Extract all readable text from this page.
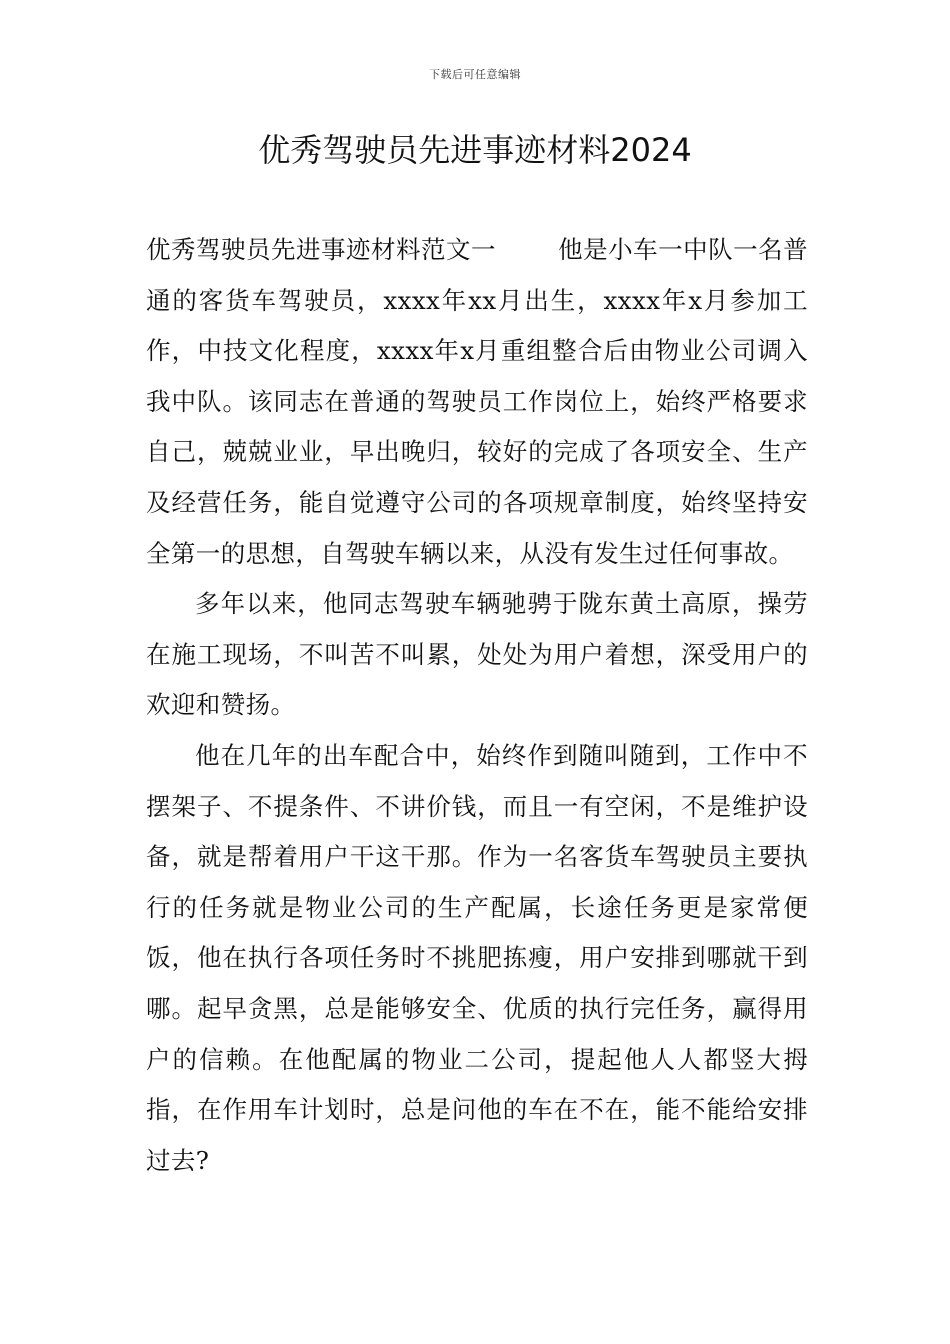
下载后可任意编辑
优秀驾驶员先进事迹材料2024

优秀驾驶员先进事迹材料范文一	他是小车一中队一名普通的客货车驾驶员，xxxx年xx月出生，xxxx年x月参加工作，中技文化程度，xxxx年x月重组整合后由物业公司调入我中队。该同志在普通的驾驶员工作岗位上，始终严格要求自己，兢兢业业，早出晚归，较好的完成了各项安全、生产及经营任务，能自觉遵守公司的各项规章制度，始终坚持安全第一的思想，自驾驶车辆以来，从没有发生过任何事故。

多年以来，他同志驾驶车辆驰骋于陇东黄土高原，操劳在施工现场，不叫苦不叫累，处处为用户着想，深受用户的欢迎和赞扬。

他在几年的出车配合中，始终作到随叫随到，工作中不摆架子、不提条件、不讲价钱，而且一有空闲，不是维护设备，就是帮着用户干这干那。作为一名客货车驾驶员主要执行的任务就是物业公司的生产配属，长途任务更是家常便饭，他在执行各项任务时不挑肥拣瘦，用户安排到哪就干到哪。起早贪黑，总是能够安全、优质的执行完任务，赢得用户的信赖。在他配属的物业二公司，提起他人人都竖大拇指，在作用车计划时，总是问他的车在不在，能不能给安排过去?
